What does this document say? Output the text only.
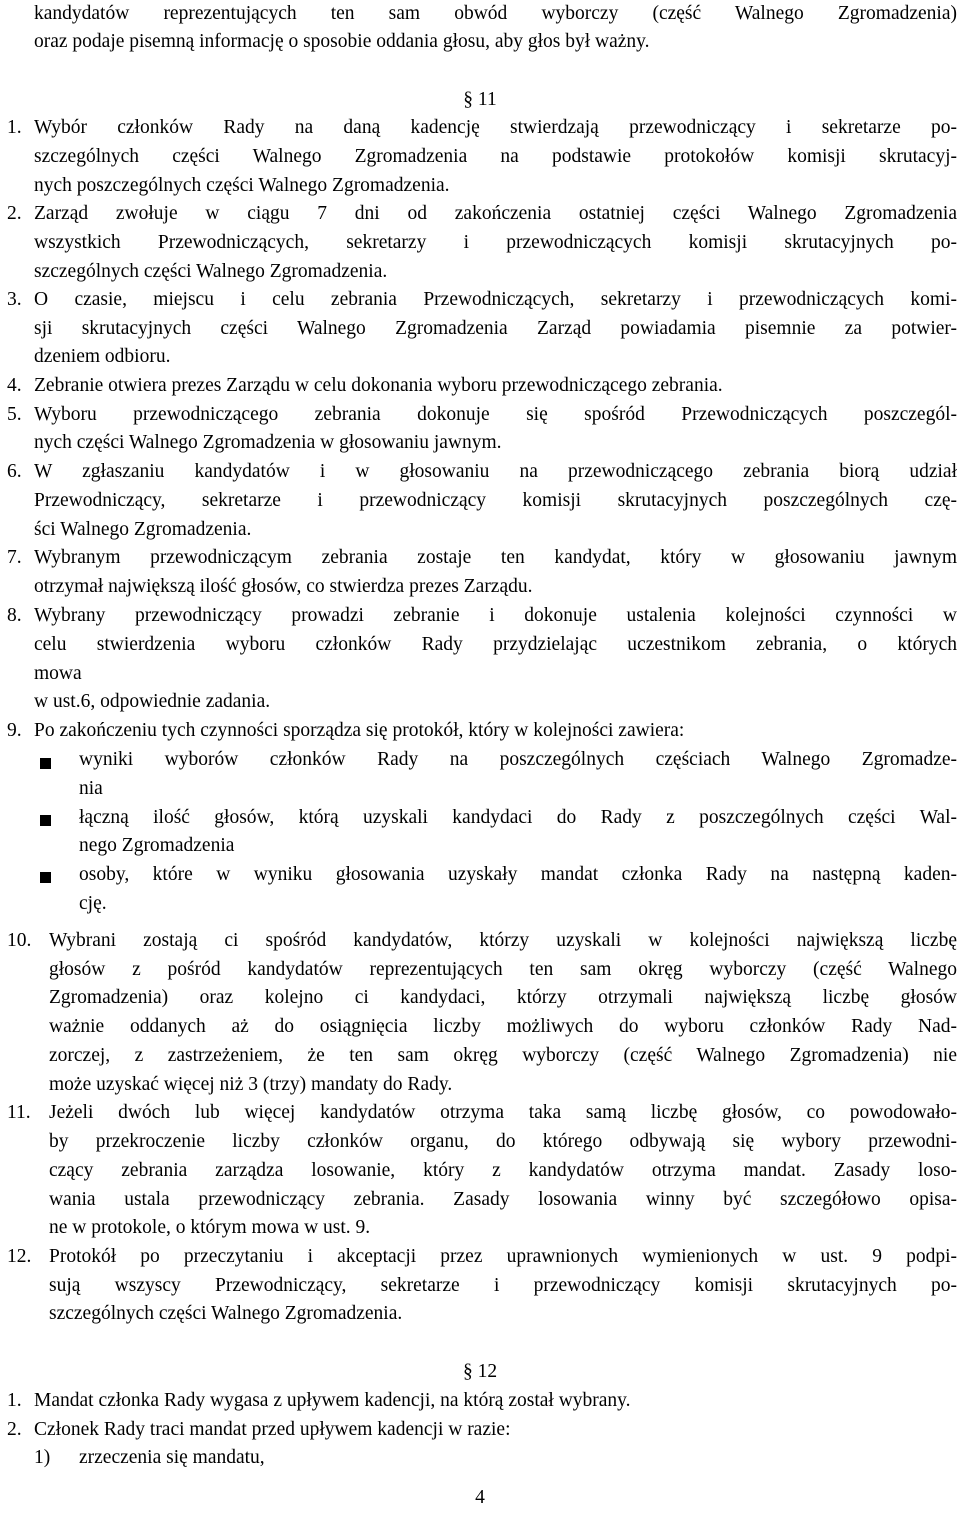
kandydatów reprezentujących ten sam obwód wyborczy (część Walnego Zgromadzenia)
oraz podaje pisemną informację o sposobie oddania głosu, aby głos był ważny.
§ 11
1. Wybór członków Rady na daną kadencję stwierdzają przewodniczący i sekretarze po-
szczególnych części Walnego Zgromadzenia na podstawie protokołów komisji skrutacyj-
nych poszczególnych części Walnego Zgromadzenia.
2. Zarząd zwołuje w ciągu 7 dni od zakończenia ostatniej części Walnego Zgromadzenia
wszystkich Przewodniczących, sekretarzy i przewodniczących komisji skrutacyjnych po-
szczególnych części Walnego Zgromadzenia.
3. O czasie, miejscu i celu zebrania Przewodniczących, sekretarzy i przewodniczących komi-
sji skrutacyjnych części Walnego Zgromadzenia Zarząd powiadamia pisemnie za potwier-
dzeniem odbioru.
4. Zebranie otwiera prezes Zarządu w celu dokonania wyboru przewodniczącego zebrania.
5. Wyboru przewodniczącego zebrania dokonuje się spośród Przewodniczących poszczegól-
nych części Walnego Zgromadzenia w głosowaniu jawnym.
6. W zgłaszaniu kandydatów i w głosowaniu na przewodniczącego zebrania biorą udział
Przewodniczący, sekretarze i przewodniczący komisji skrutacyjnych poszczególnych czę-
ści Walnego Zgromadzenia.
7. Wybranym przewodniczącym zebrania zostaje ten kandydat, który w głosowaniu jawnym
otrzymał największą ilość głosów, co stwierdza prezes Zarządu.
8. Wybrany przewodniczący prowadzi zebranie i dokonuje ustalenia kolejności czynności w
celu stwierdzenia wyboru członków Rady przydzielając uczestnikom zebrania, o których
mowa
w ust.6, odpowiednie zadania.
9. Po zakończeniu tych czynności sporządza się protokół, który w kolejności zawiera:
wyniki wyborów członków Rady na poszczególnych częściach Walnego Zgromadze-
nia
łączną ilość głosów, którą uzyskali kandydaci do Rady z poszczególnych części Wal-
nego Zgromadzenia
osoby, które w wyniku głosowania uzyskały mandat członka Rady na następną kaden-
cję.
10. Wybrani zostają ci spośród kandydatów, którzy uzyskali w kolejności największą liczbę
głosów z pośród kandydatów reprezentujących ten sam okręg wyborczy (część Walnego
Zgromadzenia) oraz kolejno ci kandydaci, którzy otrzymali największą liczbę głosów
ważnie oddanych aż do osiągnięcia liczby możliwych do wyboru członków Rady Nad-
zorczej, z zastrzeżeniem, że ten sam okręg wyborczy (część Walnego Zgromadzenia) nie
może uzyskać więcej niż 3 (trzy) mandaty do Rady.
11. Jeżeli dwóch lub więcej kandydatów otrzyma taka samą liczbę głosów, co powodowało-
by przekroczenie liczby członków organu, do którego odbywają się wybory przewodni-
czący zebrania zarządza losowanie, który z kandydatów otrzyma mandat. Zasady loso-
wania ustala przewodniczący zebrania. Zasady losowania winny być szczegółowo opisa-
ne w protokole, o którym mowa w ust. 9.
12. Protokół po przeczytaniu i akceptacji przez uprawnionych wymienionych w ust. 9 podpi-
sują wszyscy Przewodniczący, sekretarze i przewodniczący komisji skrutacyjnych po-
szczególnych części Walnego Zgromadzenia.
§ 12
1. Mandat członka Rady wygasa z upływem kadencji, na którą został wybrany.
2. Członek Rady traci mandat przed upływem kadencji w razie:
1) zrzeczenia się mandatu,
4
